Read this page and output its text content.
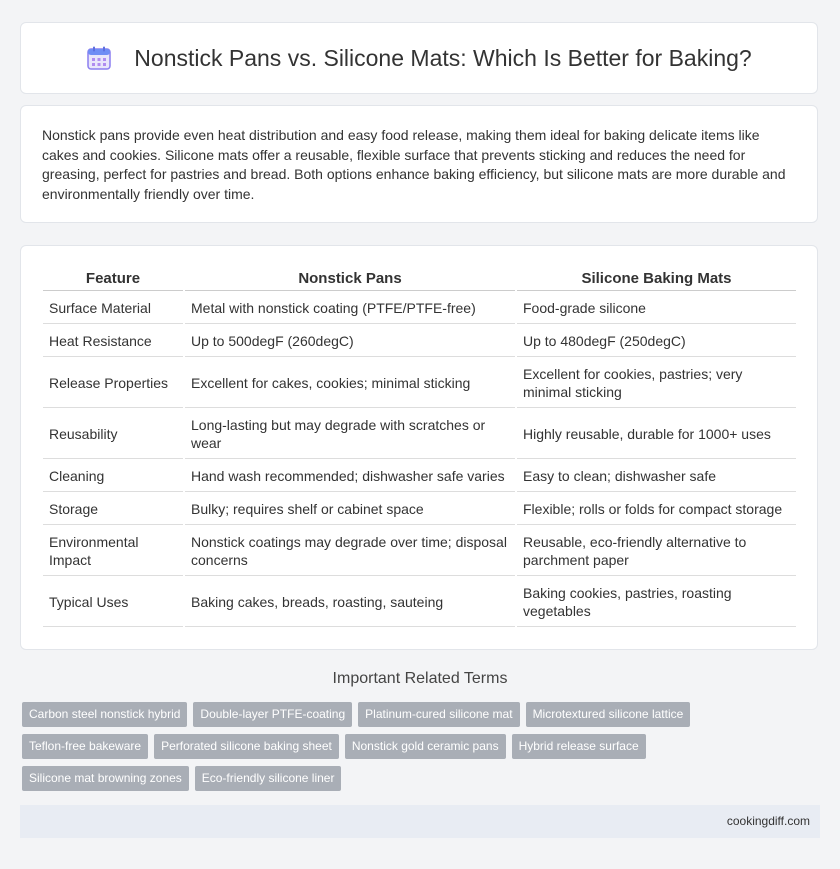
Nonstick Pans vs. Silicone Mats: Which Is Better for Baking?

Nonstick pans provide even heat distribution and easy food release, making them ideal for baking delicate items like cakes and cookies. Silicone mats offer a reusable, flexible surface that prevents sticking and reduces the need for greasing, perfect for pastries and bread. Both options enhance baking efficiency, but silicone mats are more durable and environmentally friendly over time.

Feature	Nonstick Pans	Silicone Baking Mats
Surface Material	Metal with nonstick coating (PTFE/PTFE-free)	Food-grade silicone
Heat Resistance	Up to 500degF (260degC)	Up to 480degF (250degC)
Release Properties	Excellent for cakes, cookies; minimal sticking	Excellent for cookies, pastries; very minimal sticking
Reusability	Long-lasting but may degrade with scratches or wear	Highly reusable, durable for 1000+ uses
Cleaning	Hand wash recommended; dishwasher safe varies	Easy to clean; dishwasher safe
Storage	Bulky; requires shelf or cabinet space	Flexible; rolls or folds for compact storage
Environmental Impact	Nonstick coatings may degrade over time; disposal concerns	Reusable, eco-friendly alternative to parchment paper
Typical Uses	Baking cakes, breads, roasting, sauteing	Baking cookies, pastries, roasting vegetables
Important Related Terms
Carbon steel nonstick hybrid	Double-layer PTFE-coating	Platinum-cured silicone mat	Microtextured silicone lattice
Teflon-free bakeware	Perforated silicone baking sheet	Nonstick gold ceramic pans	Hybrid release surface
Silicone mat browning zones	Eco-friendly silicone liner
cookingdiff.com
